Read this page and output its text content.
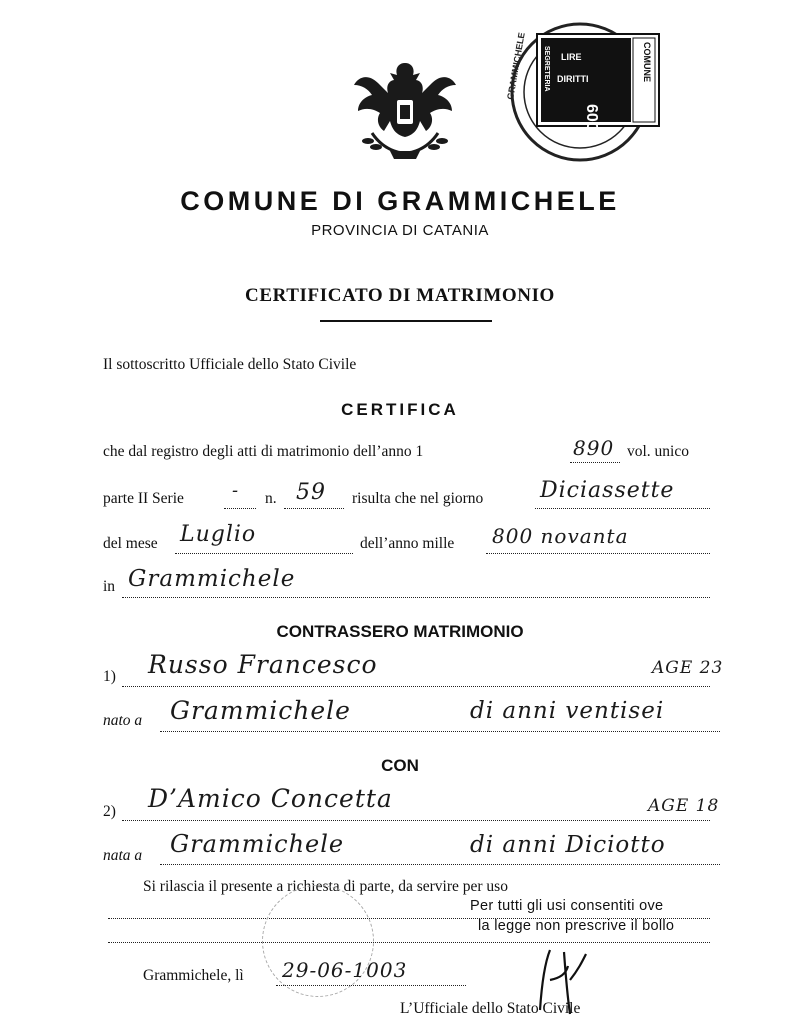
COMUNE
LIRE
DIRITTI
SEGRETERIA
600
GRAMMICHELE
COMUNE DI GRAMMICHELE
PROVINCIA DI CATANIA
CERTIFICATO DI MATRIMONIO
Il sottoscritto Ufficiale dello Stato Civile
CERTIFICA
che dal registro degli atti di matrimonio dell’anno 1	890 vol. unico
parte II Serie	- n. 59 risulta che nel giorno	Diciassette
del mese Luglio	dell’anno mille 800 novanta
in Grammichele
CONTRASSERO MATRIMONIO
1) Russo Francesco	AGE 23
nato a Grammichele	di anni ventisei
CON
2) D’Amico Concetta	AGE 18
nata a Grammichele	di anni Diciotto
Si rilascia il presente a richiesta di parte, da servire per uso
Per tutti gli usi consentiti ove
la legge non prescrive il bollo
Grammichele, lì 29-06-1003
L’Ufficiale dello Stato Civile
